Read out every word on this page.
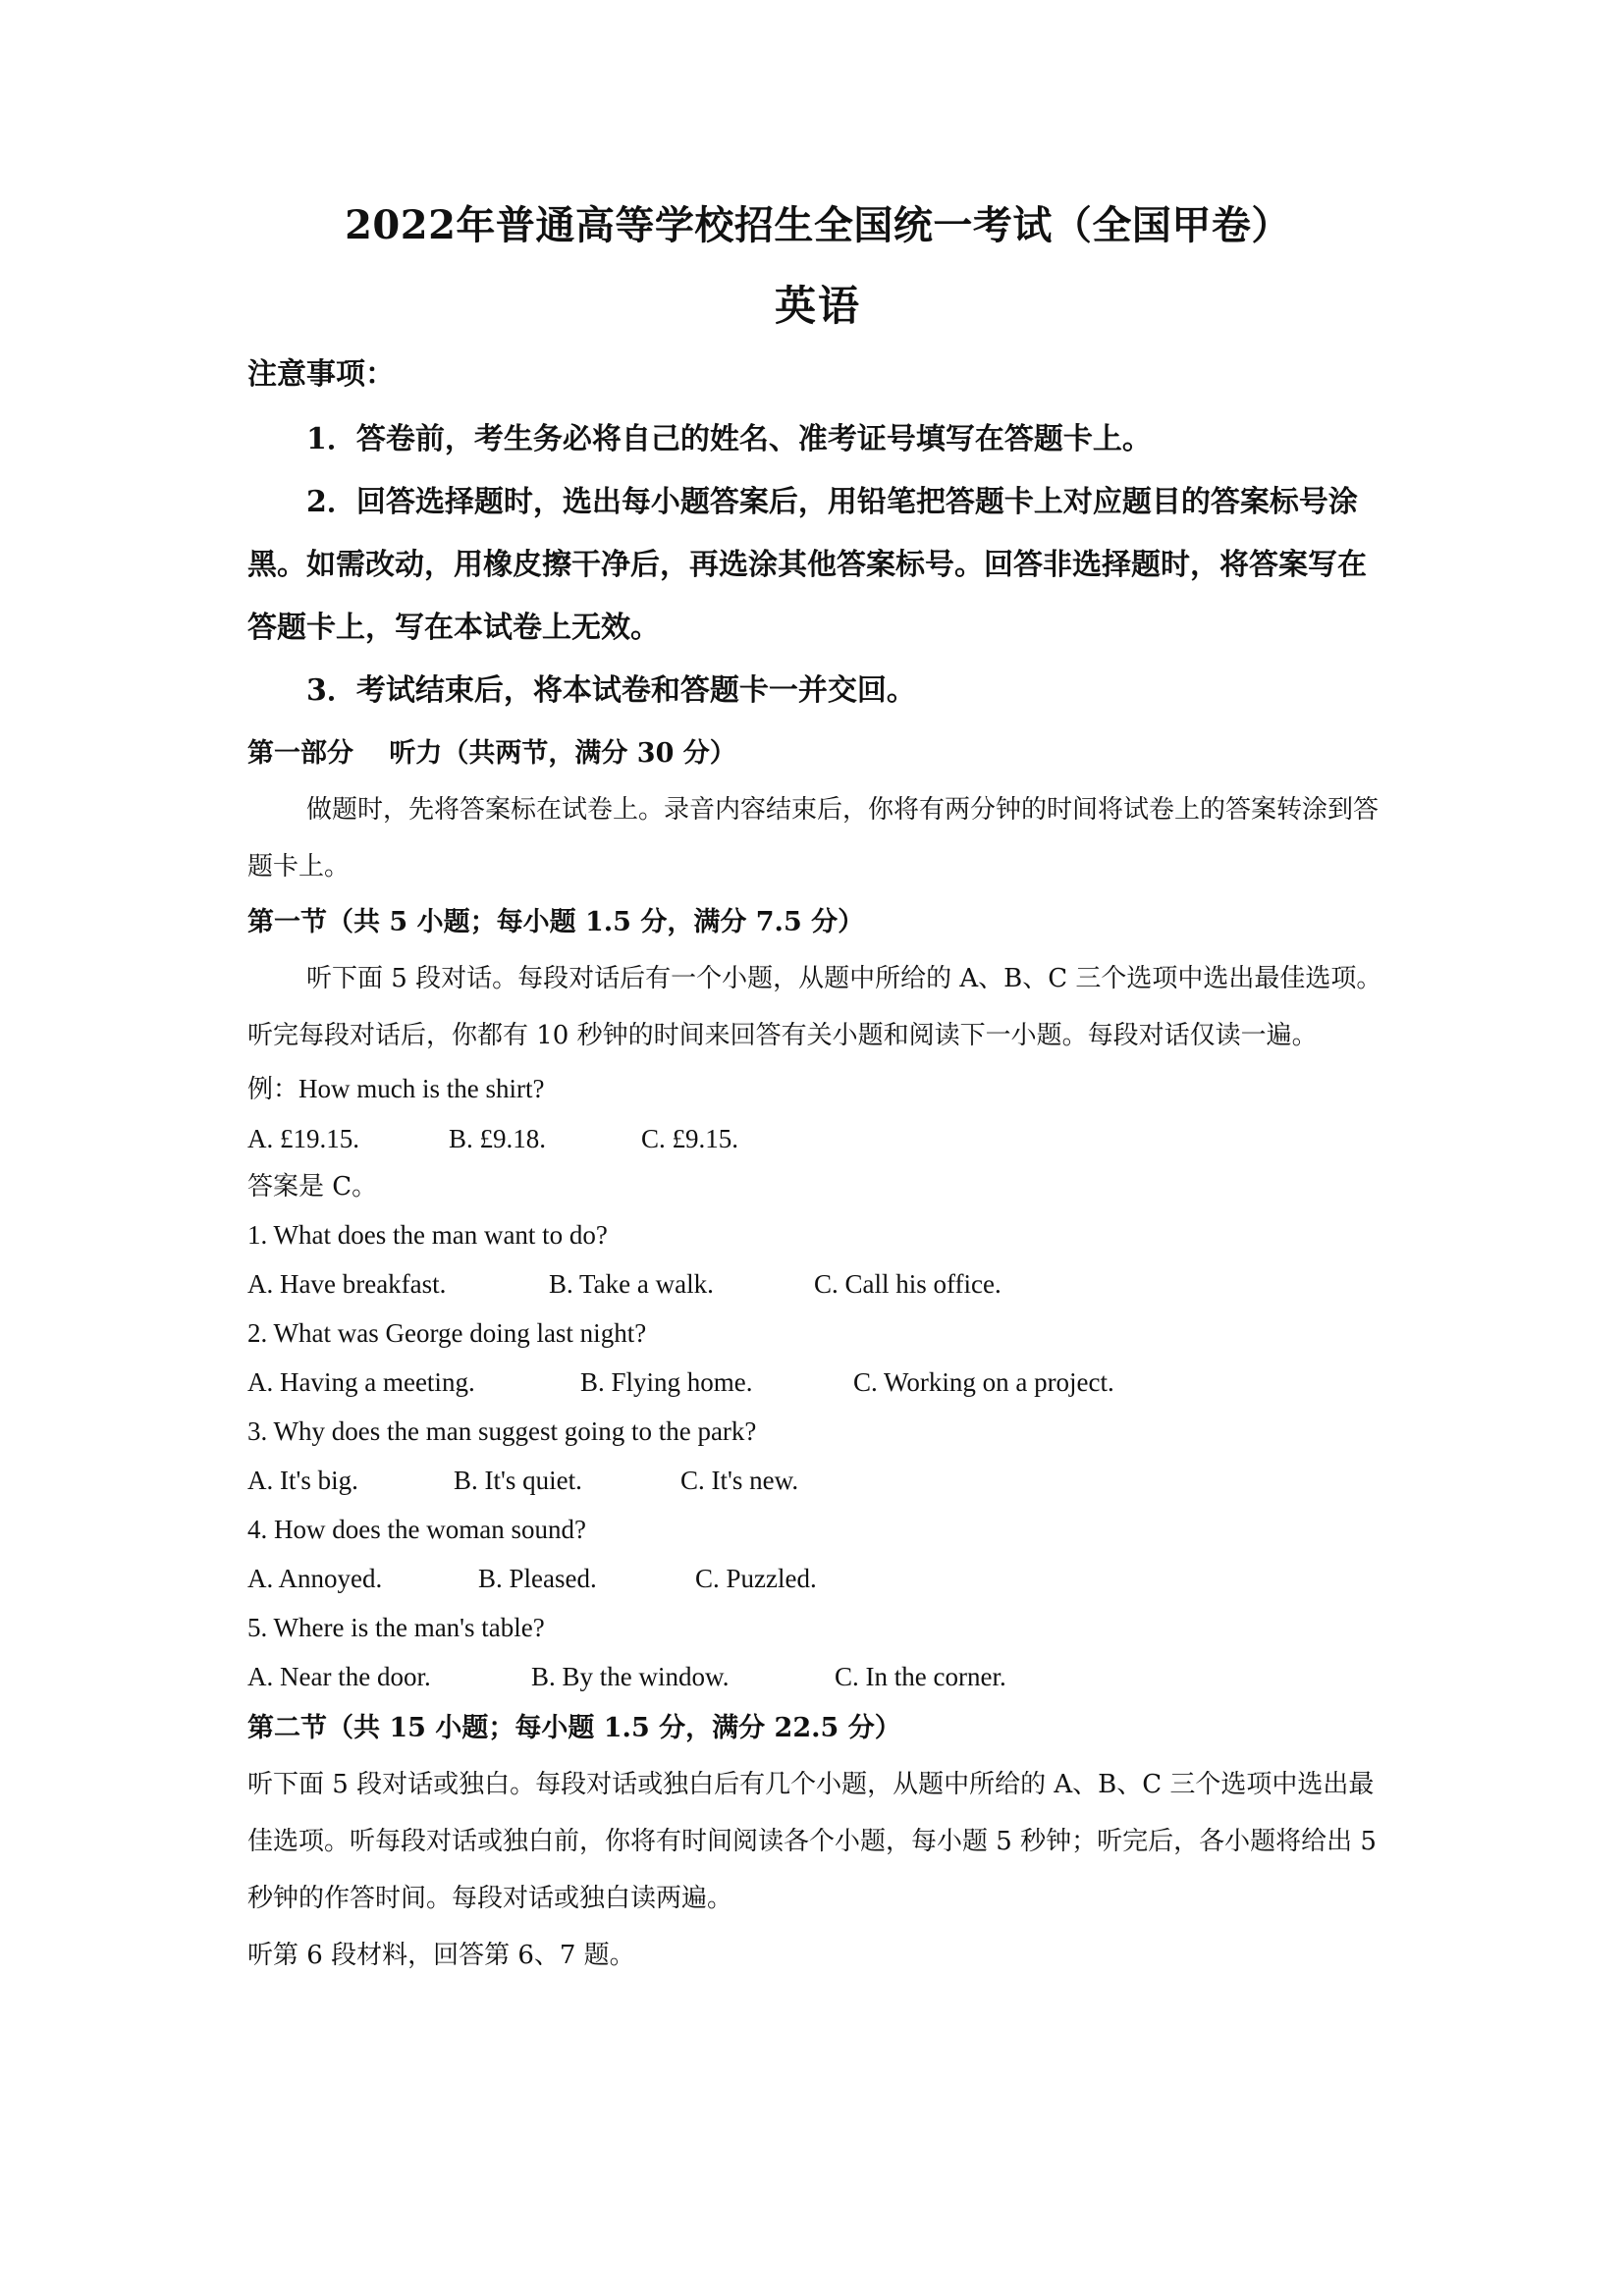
2022年普通高等学校招生全国统一考试（全国甲卷）
英语

注意事项：

1．答卷前，考生务必将自己的姓名、准考证号填写在答题卡上。

2．回答选择题时，选出每小题答案后，用铅笔把答题卡上对应题目的答案标号涂黑。如需改动，用橡皮擦干净后，再选涂其他答案标号。回答非选择题时，将答案写在答题卡上，写在本试卷上无效。

3．考试结束后，将本试卷和答题卡一并交回。

第一部分　 听力（共两节，满分 30 分）

做题时，先将答案标在试卷上。录音内容结束后，你将有两分钟的时间将试卷上的答案转涂到答题卡上。

第一节（共 5 小题；每小题 1.5 分，满分 7.5 分）

听下面 5 段对话。每段对话后有一个小题，从题中所给的 A、B、C 三个选项中选出最佳选项。听完每段对话后，你都有 10 秒钟的时间来回答有关小题和阅读下一小题。每段对话仅读一遍。

例：How much is the shirt?

A. £19.15.	B. £9.18.	C. £9.15.

答案是 C。

1. What does the man want to do?

A. Have breakfast.	B. Take a walk.	C. Call his office.

2. What was George doing last night?

A. Having a meeting.	B. Flying home.	C. Working on a project.

3. Why does the man suggest going to the park?

A. It's big.	B. It's quiet.	C. It's new.

4. How does the woman sound?

A. Annoyed.	B. Pleased.	C. Puzzled.

5. Where is the man's table?

A. Near the door.	B. By the window.	C. In the corner.

第二节（共 15 小题；每小题 1.5 分，满分 22.5 分）

听下面 5 段对话或独白。每段对话或独白后有几个小题，从题中所给的 A、B、C 三个选项中选出最佳选项。听每段对话或独白前，你将有时间阅读各个小题，每小题 5 秒钟；听完后，各小题将给出 5 秒钟的作答时间。每段对话或独白读两遍。

听第 6 段材料，回答第 6、7 题。
